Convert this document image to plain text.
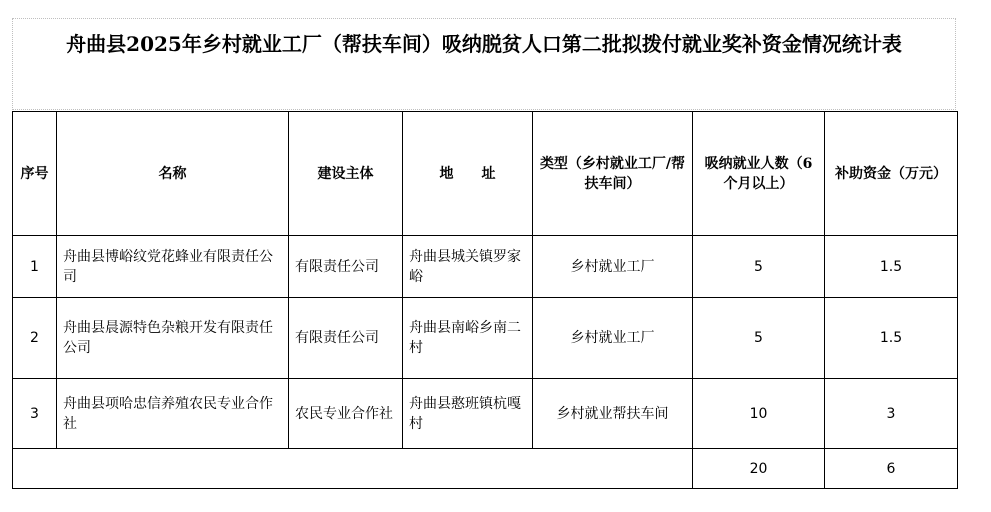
舟曲县2025年乡村就业工厂（帮扶车间）吸纳脱贫人口第二批拟拨付就业奖补资金情况统计表
序号	名称	建设主体	地　　址	类型（乡村就业工厂/帮扶车间）	吸纳就业人数（6个月以上）	补助资金（万元）
1	舟曲县博峪纹党花蜂业有限责任公司	有限责任公司	舟曲县城关镇罗家峪	乡村就业工厂	5	1.5
2	舟曲县晨源特色杂粮开发有限责任公司	有限责任公司	舟曲县南峪乡南二村	乡村就业工厂	5	1.5
3	舟曲县项哈忠信养殖农民专业合作社	农民专业合作社	舟曲县憨班镇杭嘎村	乡村就业帮扶车间	10	3
					20	6
